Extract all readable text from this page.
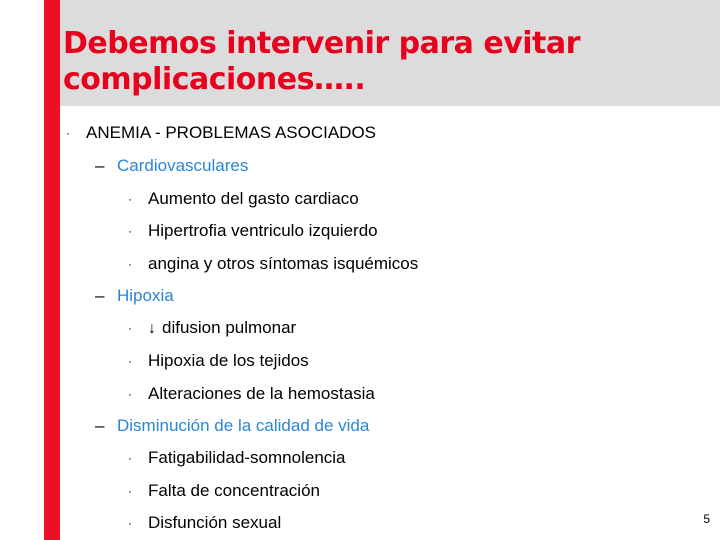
Debemos intervenir para evitar
complicaciones…..
· ANEMIA - PROBLEMAS ASOCIADOS
– Cardiovasculares
· Aumento del gasto cardiaco
· Hipertrofia ventriculo izquierdo
· angina y otros síntomas isquémicos
– Hipoxia
· ↓ difusion pulmonar
· Hipoxia de los tejidos
· Alteraciones de la hemostasia
– Disminución de la calidad de vida
· Fatigabilidad-somnolencia
· Falta de concentración
· Disfunción sexual	5
